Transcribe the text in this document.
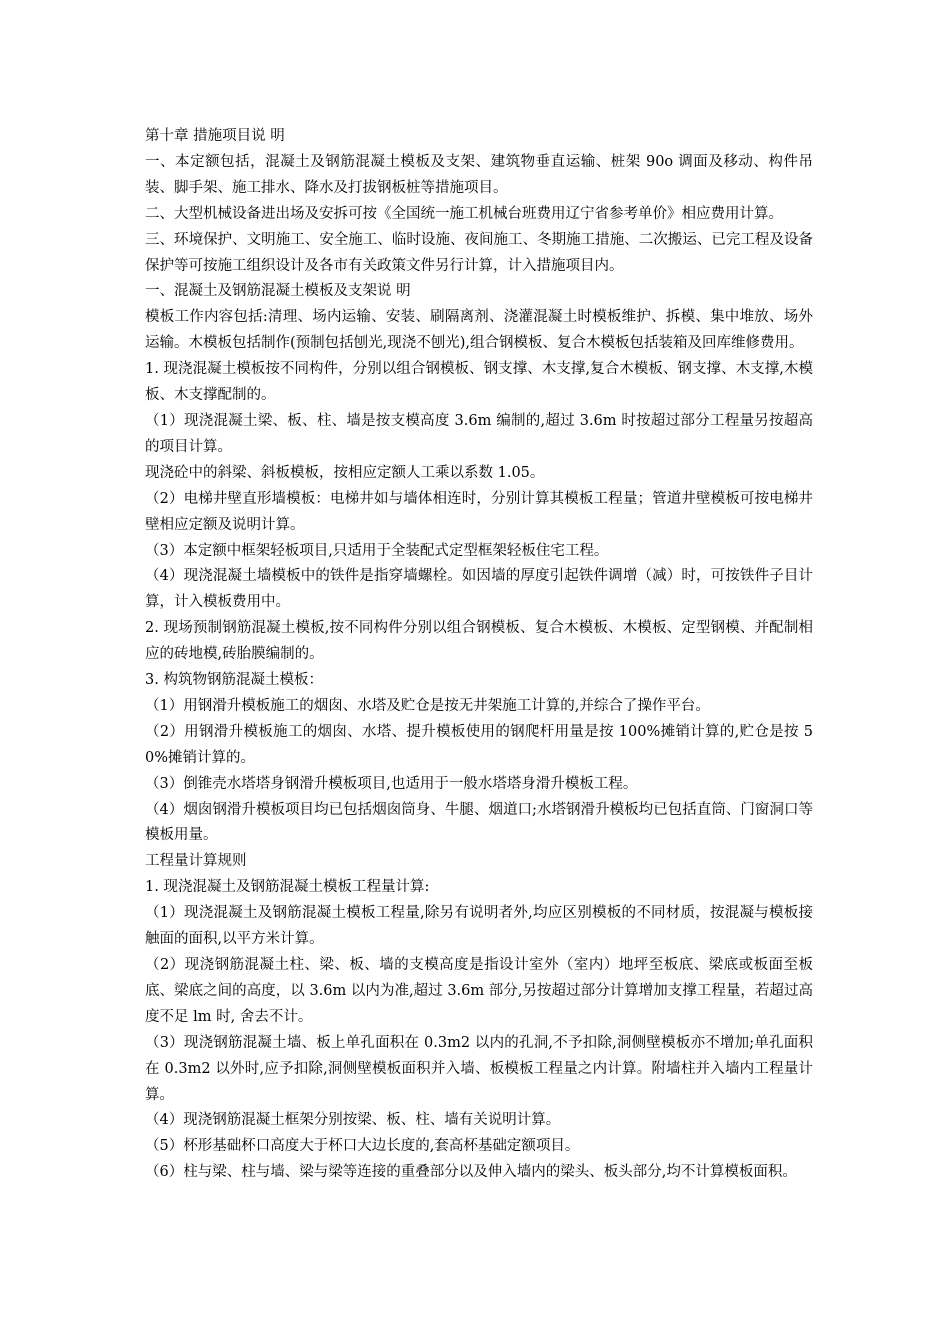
第十章 措施项目说 明

一、本定额包括，混凝土及钢筋混凝土模板及支架、建筑物垂直运输、桩架 90o 调面及移动、构件吊装、脚手架、施工排水、降水及打拔钢板桩等措施项目。

二、大型机械设备进出场及安拆可按《全国统一施工机械台班费用辽宁省参考单价》相应费用计算。

三、环境保护、文明施工、安全施工、临时设施、夜间施工、冬期施工措施、二次搬运、已完工程及设备保护等可按施工组织设计及各市有关政策文件另行计算，计入措施项目内。

一、混凝土及钢筋混凝土模板及支架说 明

模板工作内容包括:清理、场内运输、安装、刷隔离剂、浇灌混凝土时模板维护、拆模、集中堆放、场外运输。木模板包括制作(预制包括刨光,现浇不刨光),组合钢模板、复合木模板包括装箱及回库维修费用。

1. 现浇混凝土模板按不同构件，分别以组合钢模板、钢支撑、木支撑,复合木模板、钢支撑、木支撑,木模板、木支撑配制的。

（1）现浇混凝土梁、板、柱、墙是按支模高度 3.6m 编制的,超过 3.6m 时按超过部分工程量另按超高的项目计算。

现浇砼中的斜梁、斜板模板，按相应定额人工乘以系数 1.05。

（2）电梯井壁直形墙模板：电梯井如与墙体相连时，分别计算其模板工程量；管道井壁模板可按电梯井壁相应定额及说明计算。

（3）本定额中框架轻板项目,只适用于全装配式定型框架轻板住宅工程。

（4）现浇混凝土墙模板中的铁件是指穿墙螺栓。如因墙的厚度引起铁件调增（减）时，可按铁件子目计算，计入模板费用中。

2. 现场预制钢筋混凝土模板,按不同构件分别以组合钢模板、复合木模板、木模板、定型钢模、并配制相应的砖地模,砖胎膜编制的。

3. 构筑物钢筋混凝土模板：

（1）用钢滑升模板施工的烟囱、水塔及贮仓是按无井架施工计算的,并综合了操作平台。

（2）用钢滑升模板施工的烟囱、水塔、提升模板使用的钢爬杆用量是按 100%摊销计算的,贮仓是按 50%摊销计算的。

（3）倒锥壳水塔塔身钢滑升模板项目,也适用于一般水塔塔身滑升模板工程。

（4）烟囱钢滑升模板项目均已包括烟囱筒身、牛腿、烟道口;水塔钢滑升模板均已包括直筒、门窗洞口等模板用量。

工程量计算规则

1. 现浇混凝土及钢筋混凝土模板工程量计算:

（1）现浇混凝土及钢筋混凝土模板工程量,除另有说明者外,均应区别模板的不同材质，按混凝与模板接触面的面积,以平方米计算。

（2）现浇钢筋混凝土柱、梁、板、墙的支模高度是指设计室外（室内）地坪至板底、梁底或板面至板底、梁底之间的高度，以 3.6m 以内为准,超过 3.6m 部分,另按超过部分计算增加支撑工程量，若超过高度不足 lm 时, 舍去不计。

（3）现浇钢筋混凝土墙、板上单孔面积在 0.3m2 以内的孔洞,不予扣除,洞侧壁模板亦不增加;单孔面积在 0.3m2 以外时,应予扣除,洞侧壁模板面积并入墙、板模板工程量之内计算。附墙柱并入墙内工程量计算。

（4）现浇钢筋混凝土框架分别按梁、板、柱、墙有关说明计算。

（5）杯形基础杯口高度大于杯口大边长度的,套高杯基础定额项目。

（6）柱与梁、柱与墙、梁与梁等连接的重叠部分以及伸入墙内的梁头、板头部分,均不计算模板面积。
